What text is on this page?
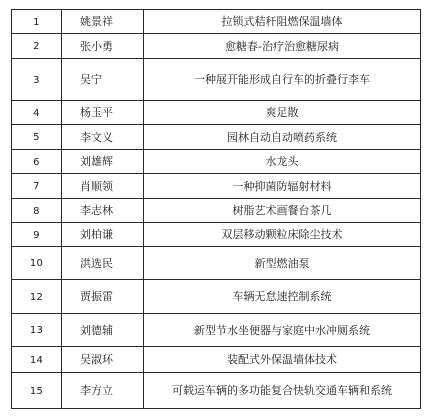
1	姚景祥	拉锁式秸秆阻燃保温墙体
2	张小勇	愈糖春-治疗治愈糖尿病
3	吴宁	一种展开能形成自行车的折叠行李车
4	杨玉平	爽足散
5	李文义	园林自动自动喷药系统
6	刘雄辉	水龙头
7	肖顺领	一种抑菌防辐射材料
8	李志林	树脂艺术画餐台茶几
9	刘柏谦	双层移动颗粒床除尘技术
10	洪选民	新型燃油泵
12	贾振雷	车辆无怠速控制系统
13	刘德辅	新型节水坐便器与家庭中水冲厕系统
14	吴淑环	装配式外保温墙体技术
15	李方立	可载运车辆的多功能复合快轨交通车辆和系统
